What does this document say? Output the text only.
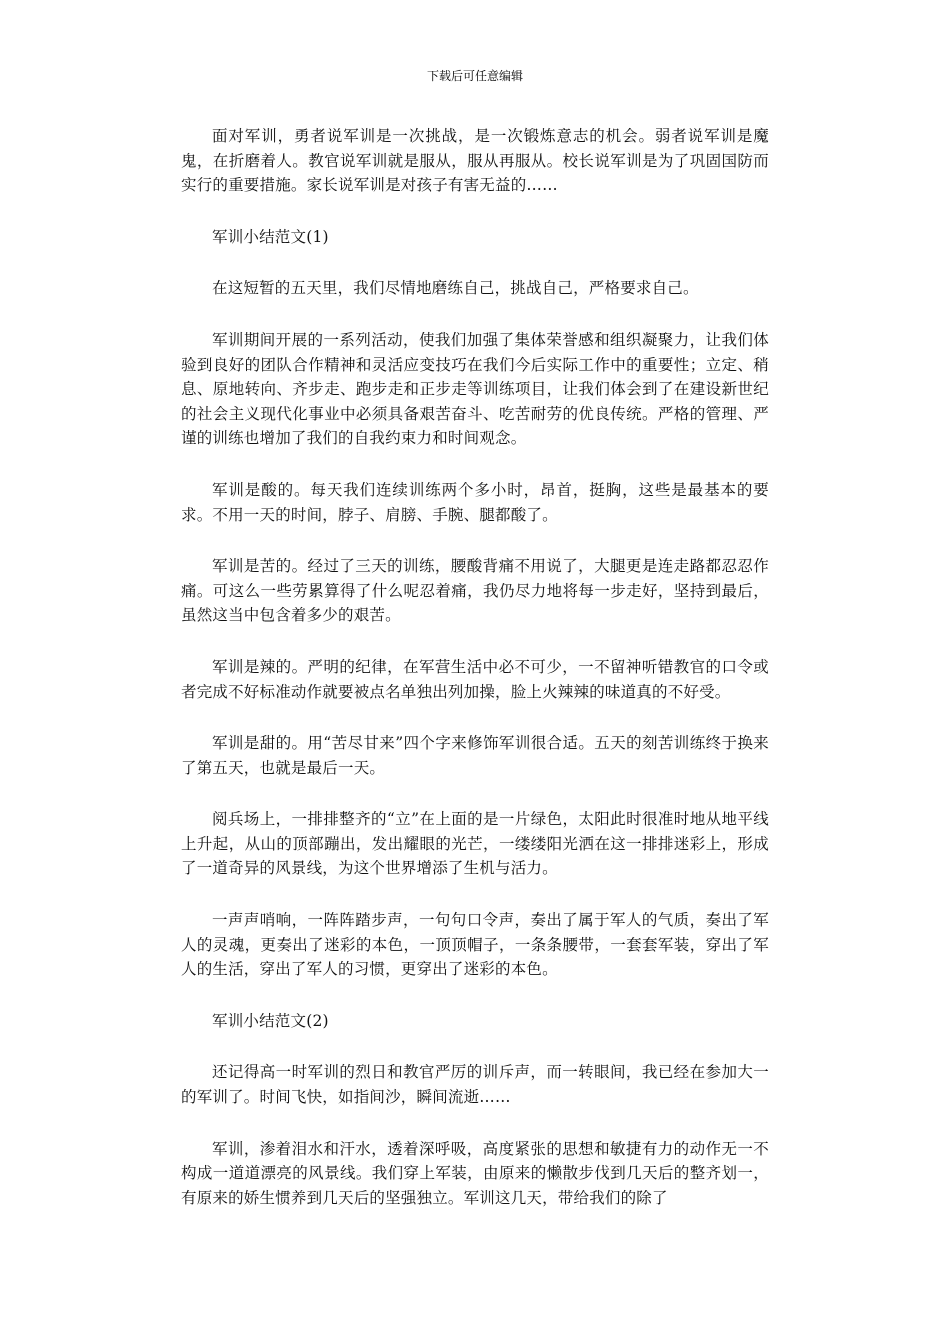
下载后可任意编辑

面对军训，勇者说军训是一次挑战，是一次锻炼意志的机会。弱者说军训是魔鬼，在折磨着人。教官说军训就是服从，服从再服从。校长说军训是为了巩固国防而实行的重要措施。家长说军训是对孩子有害无益的……

军训小结范文(1)

在这短暂的五天里，我们尽情地磨练自己，挑战自己，严格要求自己。

军训期间开展的一系列活动，使我们加强了集体荣誉感和组织凝聚力，让我们体验到良好的团队合作精神和灵活应变技巧在我们今后实际工作中的重要性；立定、稍息、原地转向、齐步走、跑步走和正步走等训练项目，让我们体会到了在建设新世纪的社会主义现代化事业中必须具备艰苦奋斗、吃苦耐劳的优良传统。严格的管理、严谨的训练也增加了我们的自我约束力和时间观念。

军训是酸的。每天我们连续训练两个多小时，昂首，挺胸，这些是最基本的要求。不用一天的时间，脖子、肩膀、手腕、腿都酸了。

军训是苦的。经过了三天的训练，腰酸背痛不用说了，大腿更是连走路都忍忍作痛。可这么一些劳累算得了什么呢忍着痛，我仍尽力地将每一步走好，坚持到最后，虽然这当中包含着多少的艰苦。

军训是辣的。严明的纪律，在军营生活中必不可少，一不留神听错教官的口令或者完成不好标准动作就要被点名单独出列加操，脸上火辣辣的味道真的不好受。

军训是甜的。用“苦尽甘来”四个字来修饰军训很合适。五天的刻苦训练终于换来了第五天，也就是最后一天。

阅兵场上，一排排整齐的“立”在上面的是一片绿色，太阳此时很准时地从地平线上升起，从山的顶部蹦出，发出耀眼的光芒，一缕缕阳光洒在这一排排迷彩上，形成了一道奇异的风景线，为这个世界增添了生机与活力。

一声声哨响，一阵阵踏步声，一句句口令声，奏出了属于军人的气质，奏出了军人的灵魂，更奏出了迷彩的本色，一顶顶帽子，一条条腰带，一套套军装，穿出了军人的生活，穿出了军人的习惯，更穿出了迷彩的本色。

军训小结范文(2)

还记得高一时军训的烈日和教官严厉的训斥声，而一转眼间，我已经在参加大一的军训了。时间飞快，如指间沙，瞬间流逝……

军训，渗着泪水和汗水，透着深呼吸，高度紧张的思想和敏捷有力的动作无一不构成一道道漂亮的风景线。我们穿上军装，由原来的懒散步伐到几天后的整齐划一，有原来的娇生惯养到几天后的坚强独立。军训这几天，带给我们的除了
